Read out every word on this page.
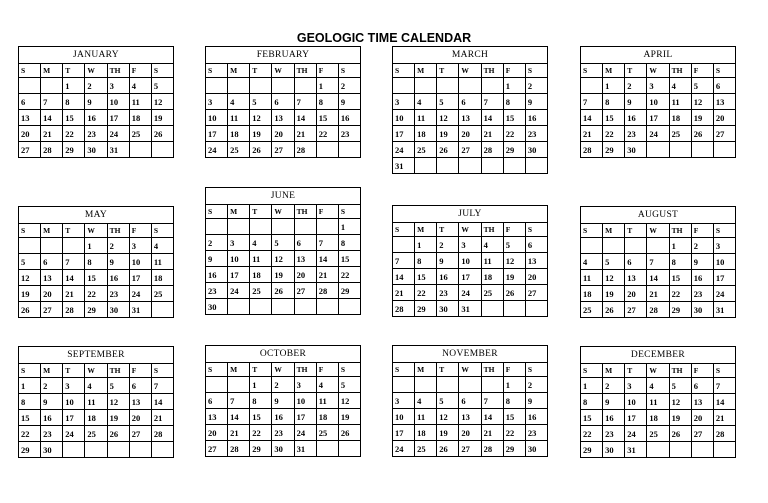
GEOLOGIC TIME CALENDAR
JANUARY
S	M	T	W	TH	F	S
		1	2	3	4	5
6	7	8	9	10	11	12
13	14	15	16	17	18	19
20	21	22	23	24	25	26
27	28	29	30	31		
FEBRUARY
S	M	T	W	TH	F	S
					1	2
3	4	5	6	7	8	9
10	11	12	13	14	15	16
17	18	19	20	21	22	23
24	25	26	27	28		
MARCH
S	M	T	W	TH	F	S
					1	2
3	4	5	6	7	8	9
10	11	12	13	14	15	16
17	18	19	20	21	22	23
24	25	26	27	28	29	30
31						
APRIL
S	M	T	W	TH	F	S
	1	2	3	4	5	6
7	8	9	10	11	12	13
14	15	16	17	18	19	20
21	22	23	24	25	26	27
28	29	30				
MAY
S	M	T	W	TH	F	S
			1	2	3	4
5	6	7	8	9	10	11
12	13	14	15	16	17	18
19	20	21	22	23	24	25
26	27	28	29	30	31	
JUNE
S	M	T	W	TH	F	S
						1
2	3	4	5	6	7	8
9	10	11	12	13	14	15
16	17	18	19	20	21	22
23	24	25	26	27	28	29
30						
JULY
S	M	T	W	TH	F	S
	1	2	3	4	5	6
7	8	9	10	11	12	13
14	15	16	17	18	19	20
21	22	23	24	25	26	27
28	29	30	31			
AUGUST
S	M	T	W	TH	F	S
				1	2	3
4	5	6	7	8	9	10
11	12	13	14	15	16	17
18	19	20	21	22	23	24
25	26	27	28	29	30	31
SEPTEMBER
S	M	T	W	TH	F	S
1	2	3	4	5	6	7
8	9	10	11	12	13	14
15	16	17	18	19	20	21
22	23	24	25	26	27	28
29	30					
OCTOBER
S	M	T	W	TH	F	S
		1	2	3	4	5
6	7	8	9	10	11	12
13	14	15	16	17	18	19
20	21	22	23	24	25	26
27	28	29	30	31		
NOVEMBER
S	M	T	W	TH	F	S
					1	2
3	4	5	6	7	8	9
10	11	12	13	14	15	16
17	18	19	20	21	22	23
24	25	26	27	28	29	30
DECEMBER
S	M	T	W	TH	F	S
1	2	3	4	5	6	7
8	9	10	11	12	13	14
15	16	17	18	19	20	21
22	23	24	25	26	27	28
29	30	31				
